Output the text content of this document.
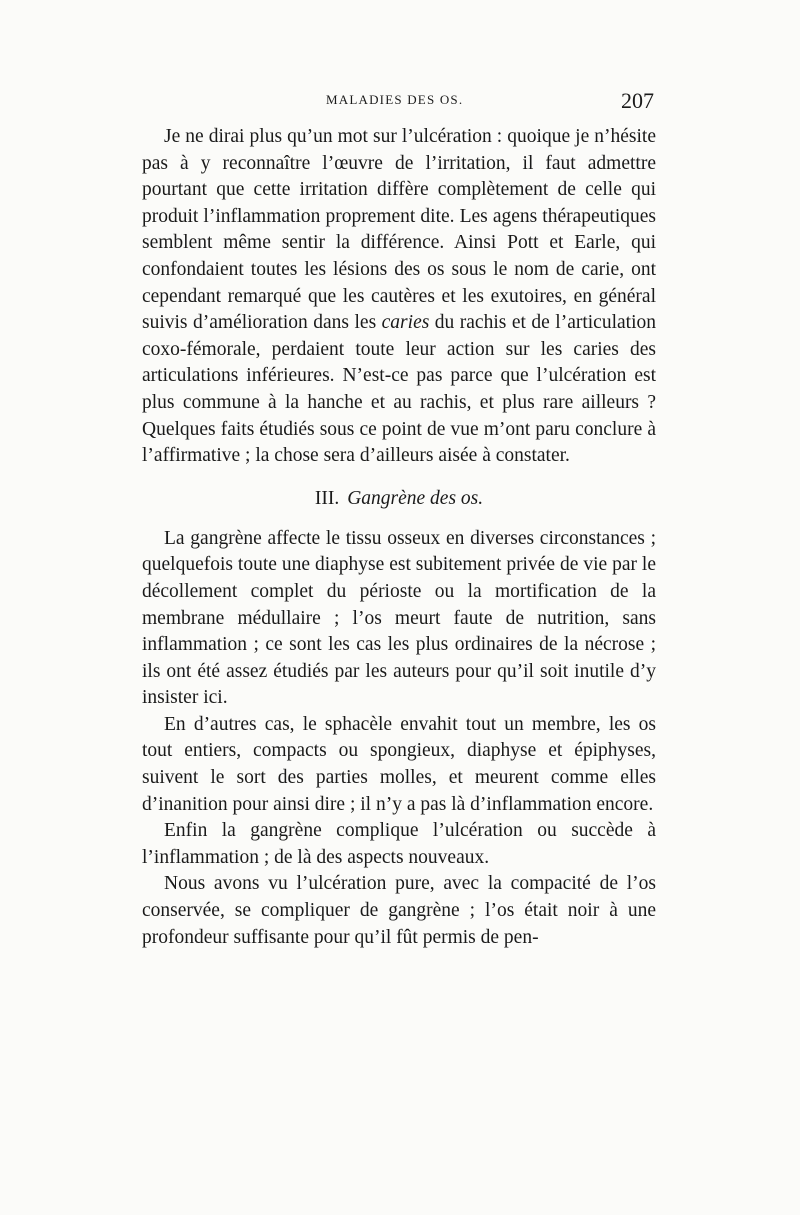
MALADIES DES OS.	207

Je ne dirai plus qu’un mot sur l’ulcération : quoique je n’hésite pas à y reconnaître l’œuvre de l’irritation, il faut admettre pourtant que cette irritation diffère complètement de celle qui produit l’inflammation proprement dite. Les agens thérapeutiques semblent même sentir la différence. Ainsi Pott et Earle, qui confondaient toutes les lésions des os sous le nom de carie, ont cependant remarqué que les cautères et les exutoires, en général suivis d’amélioration dans les caries du rachis et de l’articulation coxo-fémorale, perdaient toute leur action sur les caries des articulations inférieures. N’est-ce pas parce que l’ulcération est plus commune à la hanche et au rachis, et plus rare ailleurs ? Quelques faits étudiés sous ce point de vue m’ont paru conclure à l’affirmative ; la chose sera d’ailleurs aisée à constater.

III. Gangrène des os.

La gangrène affecte le tissu osseux en diverses circonstances ; quelquefois toute une diaphyse est subitement privée de vie par le décollement complet du périoste ou la mortification de la membrane médullaire ; l’os meurt faute de nutrition, sans inflammation ; ce sont les cas les plus ordinaires de la nécrose ; ils ont été assez étudiés par les auteurs pour qu’il soit inutile d’y insister ici.

En d’autres cas, le sphacèle envahit tout un membre, les os tout entiers, compacts ou spongieux, diaphyse et épiphyses, suivent le sort des parties molles, et meurent comme elles d’inanition pour ainsi dire ; il n’y a pas là d’inflammation encore.

Enfin la gangrène complique l’ulcération ou succède à l’inflammation ; de là des aspects nouveaux.

Nous avons vu l’ulcération pure, avec la compacité de l’os conservée, se compliquer de gangrène ; l’os était noir à une profondeur suffisante pour qu’il fût permis de pen-
